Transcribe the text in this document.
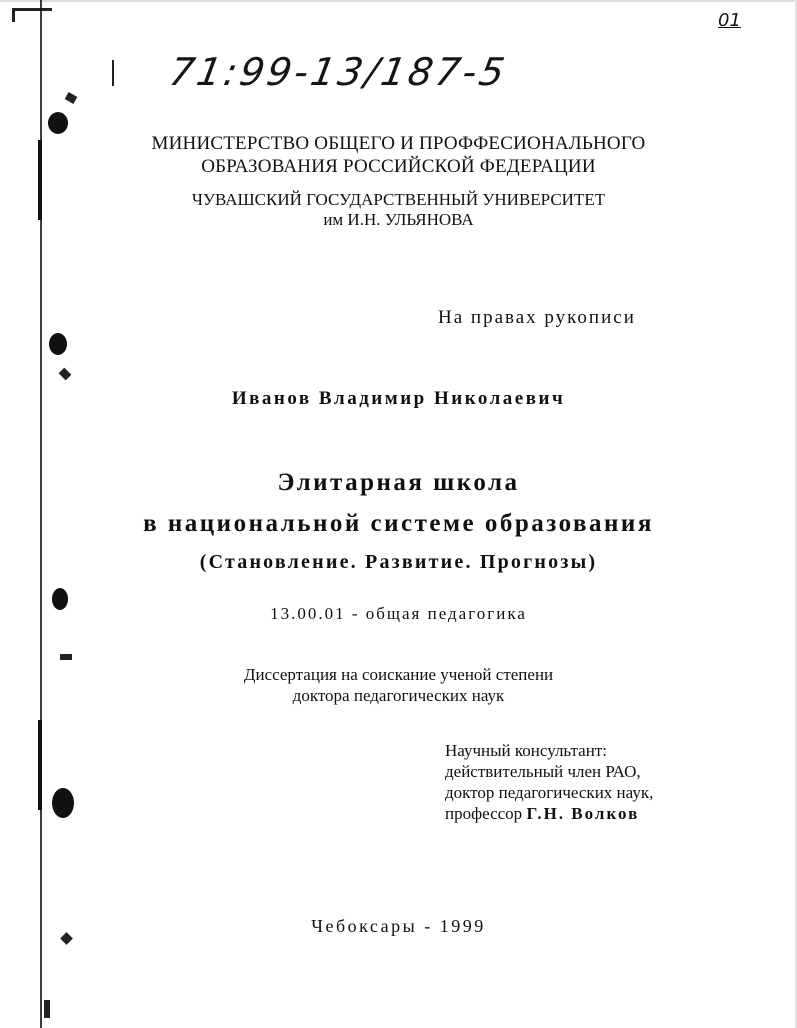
71:99-13/187-5
01
МИНИСТЕРСТВО ОБЩЕГО И ПРОФФЕСИОНАЛЬНОГО
ОБРАЗОВАНИЯ РОССИЙСКОЙ ФЕДЕРАЦИИ
ЧУВАШСКИЙ ГОСУДАРСТВЕННЫЙ УНИВЕРСИТЕТ
им И.Н. УЛЬЯНОВА
На правах рукописи
Иванов Владимир Николаевич
Элитарная школа
в национальной системе образования
(Становление. Развитие. Прогнозы)
13.00.01 - общая педагогика
Диссертация на соискание ученой степени
доктора педагогических наук
Научный консультант:
действительный член РАО,
доктор педагогических наук,
профессор Г.Н. Волков
Чебоксары - 1999
